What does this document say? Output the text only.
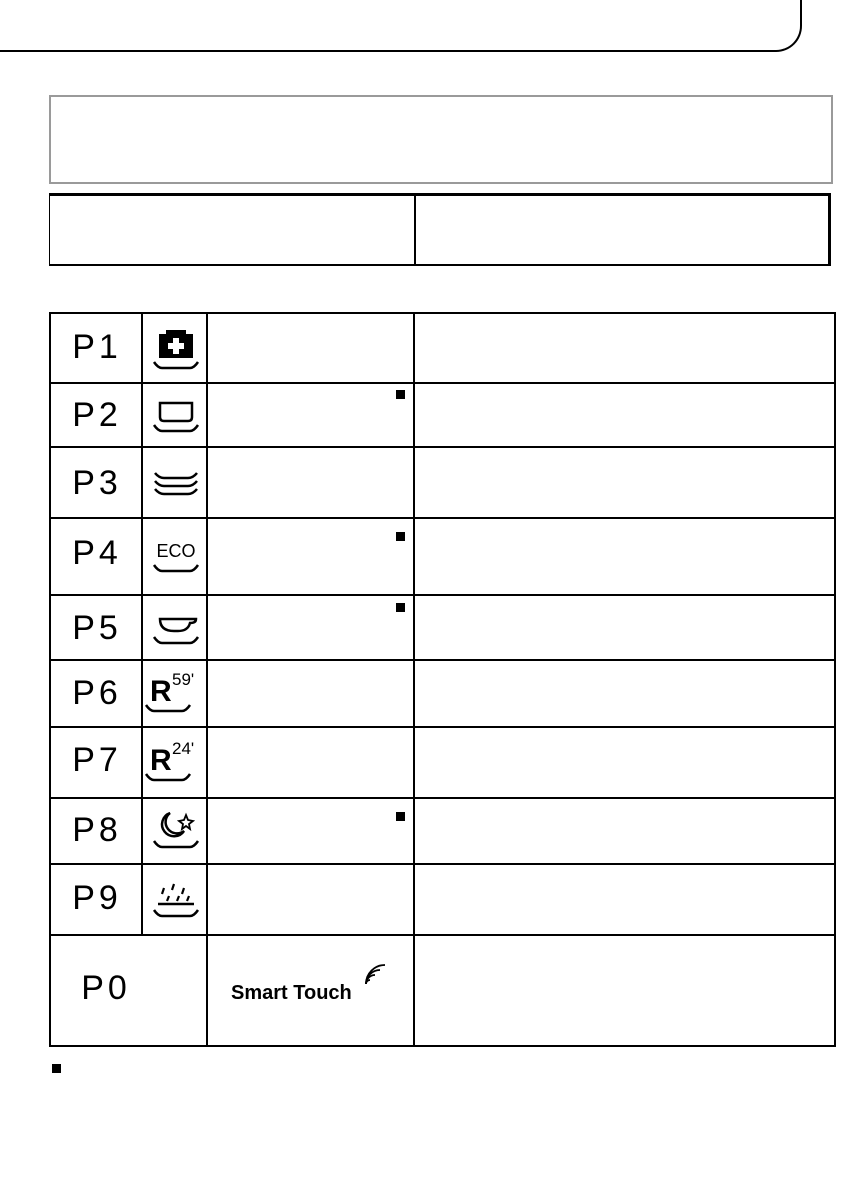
P1
P2
P3
P4	ECO
P5
P6 R 59'
P7 R 24'
P8
P9
P0	Smart Touch
